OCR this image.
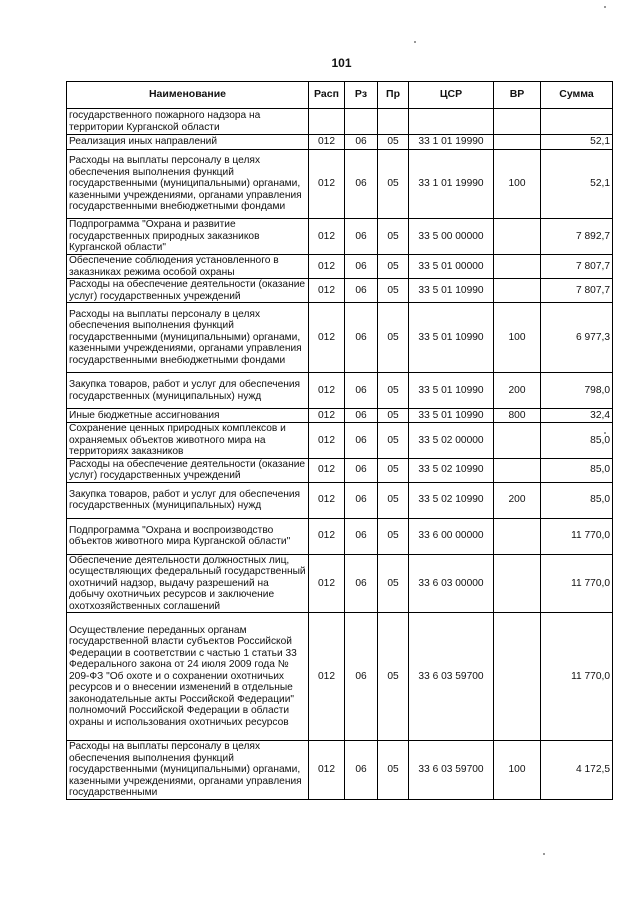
101
Наименование	Расп	Рз	Пр	ЦСР	ВР	Сумма
государственного пожарного надзора на территории Курганской области						
Реализация иных направлений	012	06	05	33 1 01 19990		52,1
Расходы на выплаты персоналу в целях обеспечения выполнения функций государственными (муниципальными) органами, казенными учреждениями, органами управления государственными внебюджетными фондами	012	06	05	33 1 01 19990	100	52,1
Подпрограмма "Охрана и развитие государственных природных заказников Курганской области"	012	06	05	33 5 00 00000		7 892,7
Обеспечение соблюдения установленного в заказниках режима особой охраны	012	06	05	33 5 01 00000		7 807,7
Расходы на обеспечение деятельности (оказание услуг) государственных учреждений	012	06	05	33 5 01 10990		7 807,7
Расходы на выплаты персоналу в целях обеспечения выполнения функций государственными (муниципальными) органами, казенными учреждениями, органами управления государственными внебюджетными фондами	012	06	05	33 5 01 10990	100	6 977,3
Закупка товаров, работ и услуг для обеспечения государственных (муниципальных) нужд	012	06	05	33 5 01 10990	200	798,0
Иные бюджетные ассигнования	012	06	05	33 5 01 10990	800	32,4
Сохранение ценных природных комплексов и охраняемых объектов животного мира на территориях заказников	012	06	05	33 5 02 00000		85,0
Расходы на обеспечение деятельности (оказание услуг) государственных учреждений	012	06	05	33 5 02 10990		85,0
Закупка товаров, работ и услуг для обеспечения государственных (муниципальных) нужд	012	06	05	33 5 02 10990	200	85,0
Подпрограмма "Охрана и воспроизводство объектов животного мира Курганской области"	012	06	05	33 6 00 00000		11 770,0
Обеспечение деятельности должностных лиц, осуществляющих федеральный государственный охотничий надзор, выдачу разрешений на добычу охотничьих ресурсов и заключение охотхозяйственных соглашений	012	06	05	33 6 03 00000		11 770,0
Осуществление переданных органам государственной власти субъектов Российской Федерации в соответствии с частью 1 статьи 33 Федерального закона от 24 июля 2009 года № 209-ФЗ "Об охоте и о сохранении охотничьих ресурсов и о внесении изменений в отдельные законодательные акты Российской Федерации" полномочий Российской Федерации в области охраны и использования охотничьих ресурсов	012	06	05	33 6 03 59700		11 770,0
Расходы на выплаты персоналу в целях обеспечения выполнения функций государственными (муниципальными) органами, казенными учреждениями, органами управления государственными	012	06	05	33 6 03 59700	100	4 172,5
